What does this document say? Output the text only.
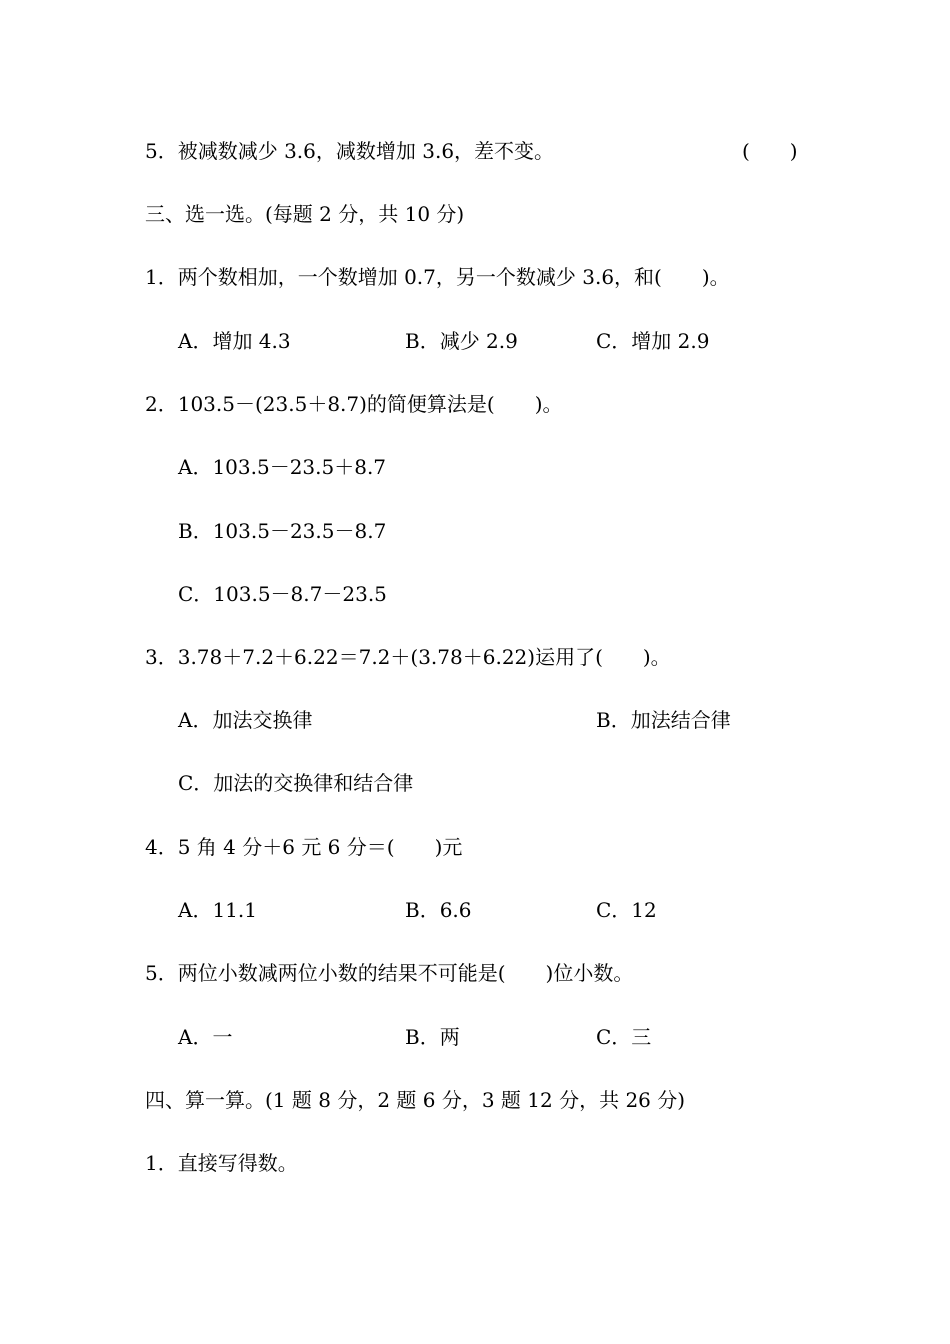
5．被减数减少 3.6，减数增加 3.6，差不变。	(　　)
三、选一选。(每题 2 分，共 10 分)
1．两个数相加，一个数增加 0.7，另一个数减少 3.6，和(　　)。
A．增加 4.3	B．减少 2.9	C．增加 2.9
2．103.5－(23.5＋8.7)的简便算法是(　　)。
A．103.5－23.5＋8.7
B．103.5－23.5－8.7
C．103.5－8.7－23.5
3．3.78＋7.2＋6.22＝7.2＋(3.78＋6.22)运用了(　　)。
A．加法交换律	B．加法结合律
C．加法的交换律和结合律
4．5 角 4 分＋6 元 6 分＝(　　)元
A．11.1	B．6.6	C．12
5．两位小数减两位小数的结果不可能是(　　)位小数。
A．一	B．两	C．三
四、算一算。(1 题 8 分，2 题 6 分，3 题 12 分，共 26 分)
1．直接写得数。
